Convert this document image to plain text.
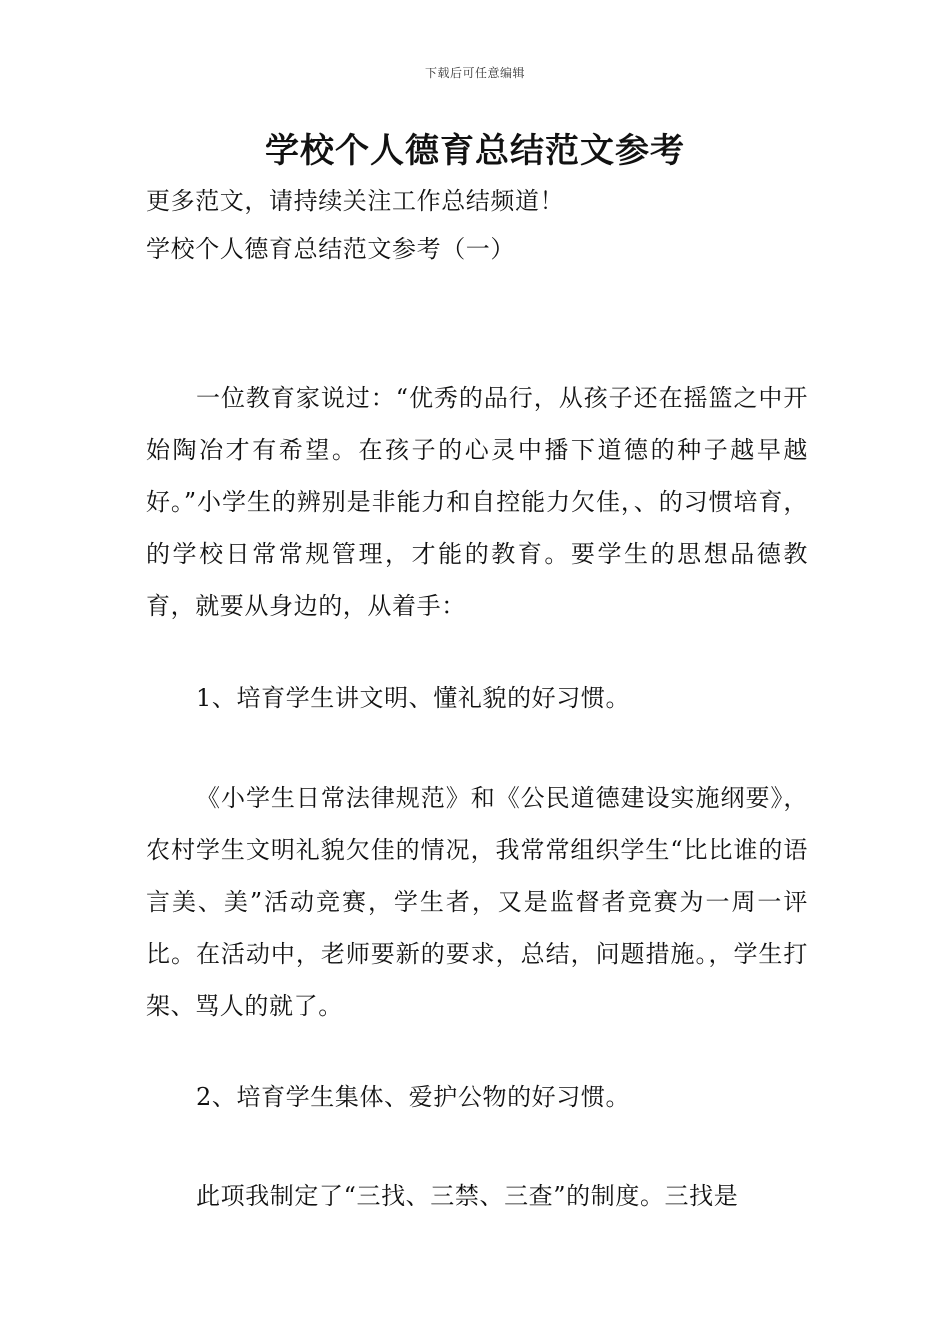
下载后可任意编辑
学校个人德育总结范文参考
更多范文，请持续关注工作总结频道！
学校个人德育总结范文参考（一）

一位教育家说过：“优秀的品行，从孩子还在摇篮之中开始陶冶才有希望。在孩子的心灵中播下道德的种子越早越好。”小学生的辨别是非能力和自控能力欠佳，、的习惯培育，的学校日常常规管理，才能的教育。要学生的思想品德教育，就要从身边的，从着手：

1、培育学生讲文明、懂礼貌的好习惯。

《小学生日常法律规范》和《公民道德建设实施纲要》，农村学生文明礼貌欠佳的情况，我常常组织学生“比比谁的语言美、美”活动竞赛，学生者，又是监督者竞赛为一周一评比。在活动中，老师要新的要求，总结，问题措施。，学生打架、骂人的就了。

2、培育学生集体、爱护公物的好习惯。

此项我制定了“三找、三禁、三查”的制度。三找是
